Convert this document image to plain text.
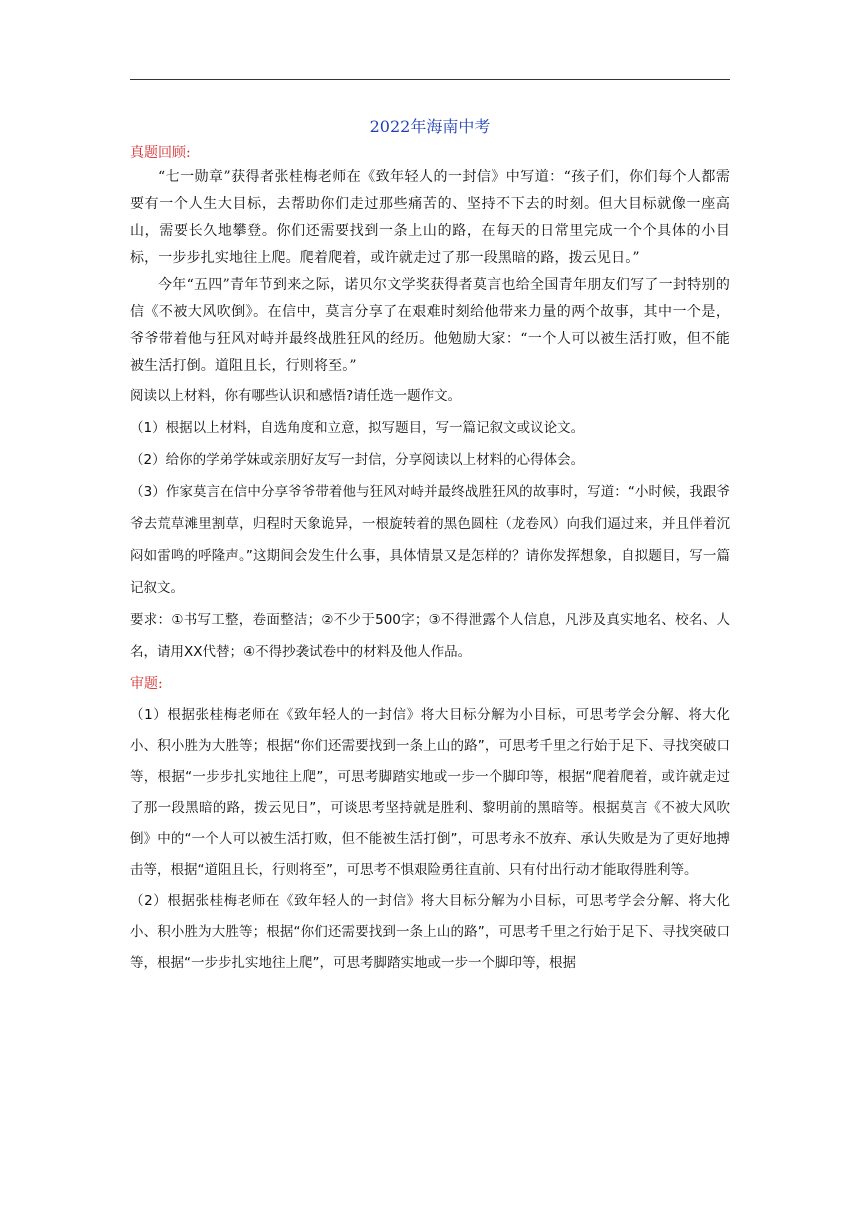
2022年海南中考
真题回顾:

“七一勋章”获得者张桂梅老师在《致年轻人的一封信》中写道：“孩子们，你们每个人都需要有一个人生大目标，去帮助你们走过那些痛苦的、坚持不下去的时刻。但大目标就像一座高山，需要长久地攀登。你们还需要找到一条上山的路，在每天的日常里完成一个个具体的小目标，一步步扎实地往上爬。爬着爬着，或许就走过了那一段黑暗的路，拨云见日。”

今年“五四”青年节到来之际，诺贝尔文学奖获得者莫言也给全国青年朋友们写了一封特别的信《不被大风吹倒》。在信中，莫言分享了在艰难时刻给他带来力量的两个故事，其中一个是，爷爷带着他与狂风对峙并最终战胜狂风的经历。他勉励大家：“一个人可以被生活打败，但不能被生活打倒。道阻且长，行则将至。”

阅读以上材料，你有哪些认识和感悟?请任选一题作文。

（1）根据以上材料，自选角度和立意，拟写题目，写一篇记叙文或议论文。

（2）给你的学弟学妹或亲朋好友写一封信，分享阅读以上材料的心得体会。

（3）作家莫言在信中分享爷爷带着他与狂风对峙并最终战胜狂风的故事时，写道：“小时候，我跟爷爷去荒草滩里割草，归程时天象诡异，一根旋转着的黑色圆柱（龙卷风）向我们逼过来，并且伴着沉闷如雷鸣的呼隆声。”这期间会发生什么事，具体情景又是怎样的？请你发挥想象，自拟题目，写一篇记叙文。

要求：①书写工整，卷面整洁；②不少于500字；③不得泄露个人信息，凡涉及真实地名、校名、人名，请用XX代替；④不得抄袭试卷中的材料及他人作品。

审题:

（1）根据张桂梅老师在《致年轻人的一封信》将大目标分解为小目标，可思考学会分解、将大化小、积小胜为大胜等；根据“你们还需要找到一条上山的路”，可思考千里之行始于足下、寻找突破口等，根据“一步步扎实地往上爬”，可思考脚踏实地或一步一个脚印等，根据“爬着爬着，或许就走过了那一段黑暗的路，拨云见日”，可谈思考坚持就是胜利、黎明前的黑暗等。根据莫言《不被大风吹倒》中的“一个人可以被生活打败，但不能被生活打倒”，可思考永不放弃、承认失败是为了更好地搏击等，根据“道阻且长，行则将至”，可思考不惧艰险勇往直前、只有付出行动才能取得胜利等。

（2）根据张桂梅老师在《致年轻人的一封信》将大目标分解为小目标，可思考学会分解、将大化小、积小胜为大胜等；根据“你们还需要找到一条上山的路”，可思考千里之行始于足下、寻找突破口等，根据“一步步扎实地往上爬”，可思考脚踏实地或一步一个脚印等，根据
